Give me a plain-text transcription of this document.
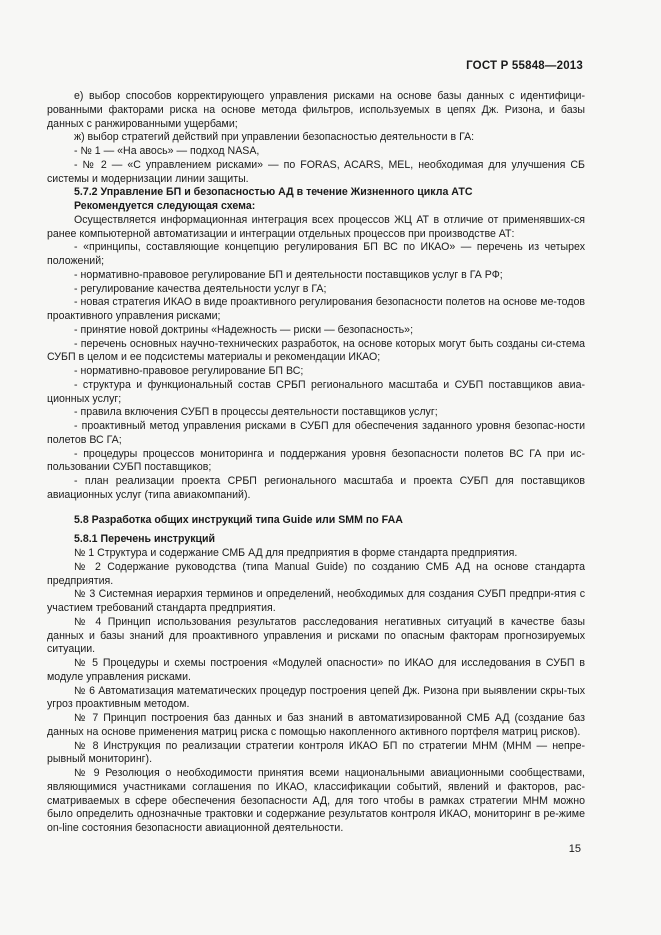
ГОСТ Р 55848—2013

е) выбор способов корректирующего управления рисками на основе базы данных с идентифици-рованными факторами риска на основе метода фильтров, используемых в цепях Дж. Ризона, и базы данных с ранжированными ущербами;

ж) выбор стратегий действий при управлении безопасностью деятельности в ГА:

- № 1 — «На авось» — подход NASA,

- № 2 — «С управлением рисками» — по FORAS, ACARS, MEL, необходимая для улучшения СБ системы и модернизации линии защиты.

5.7.2 Управление БП и безопасностью АД в течение Жизненного цикла АТС

Рекомендуется следующая схема:

Осуществляется информационная интеграция всех процессов ЖЦ АТ в отличие от применявших-ся ранее компьютерной автоматизации и интеграции отдельных процессов при производстве АТ:

- «принципы, составляющие концепцию регулирования БП ВС по ИКАО» — перечень из четырех положений;

- нормативно-правовое регулирование БП и деятельности поставщиков услуг в ГА РФ;

- регулирование качества деятельности услуг в ГА;

- новая стратегия ИКАО в виде проактивного регулирования безопасности полетов на основе ме-тодов проактивного управления рисками;

- принятие новой доктрины «Надежность — риски — безопасность»;

- перечень основных научно-технических разработок, на основе которых могут быть созданы си-стема СУБП в целом и ее подсистемы материалы и рекомендации ИКАО;

- нормативно-правовое регулирование БП ВС;

- структура и функциональный состав СРБП регионального масштаба и СУБП поставщиков авиа-ционных услуг;

- правила включения СУБП в процессы деятельности поставщиков услуг;

- проактивный метод управления рисками в СУБП для обеспечения заданного уровня безопас-ности полетов ВС ГА;

- процедуры процессов мониторинга и поддержания уровня безопасности полетов ВС ГА при ис-пользовании СУБП поставщиков;

- план реализации проекта СРБП регионального масштаба и проекта СУБП для поставщиков авиационных услуг (типа авиакомпаний).

5.8 Разработка общих инструкций типа Guide или SMM по FAA

5.8.1 Перечень инструкций

№ 1 Структура и содержание СМБ АД для предприятия в форме стандарта предприятия.

№ 2 Содержание руководства (типа Manual Guide) по созданию СМБ АД на основе стандарта предприятия.

№ 3 Системная иерархия терминов и определений, необходимых для создания СУБП предпри-ятия с участием требований стандарта предприятия.

№ 4 Принцип использования результатов расследования негативных ситуаций в качестве базы данных и базы знаний для проактивного управления и рисками по опасным факторам прогнозируемых ситуации.

№ 5 Процедуры и схемы построения «Модулей опасности» по ИКАО для исследования в СУБП в модуле управления рисками.

№ 6 Автоматизация математических процедур построения цепей Дж. Ризона при выявлении скры-тых угроз проактивным методом.

№ 7 Принцип построения баз данных и баз знаний в автоматизированной СМБ АД (создание баз данных на основе применения матриц риска с помощью накопленного активного портфеля матриц рисков).

№ 8 Инструкция по реализации стратегии контроля ИКАО БП по стратегии МНМ (МНМ — непре-рывный мониторинг).

№ 9 Резолюция о необходимости принятия всеми национальными авиационными сообществами, являющимися участниками соглашения по ИКАО, классификации событий, явлений и факторов, рас-сматриваемых в сфере обеспечения безопасности АД, для того чтобы в рамках стратегии МНМ можно было определить однозначные трактовки и содержание результатов контроля ИКАО, мониторинг в ре-жиме on-line состояния безопасности авиационной деятельности.

15
